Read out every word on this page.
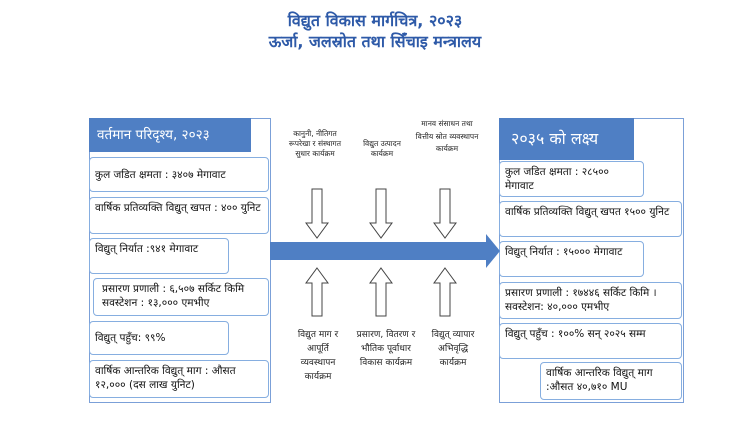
विद्युत विकास मार्गचित्र, २०२३
ऊर्जा, जलस्रोत तथा सिँचाइ मन्त्रालय
वर्तमान परिदृश्य, २०२३
कुल जडित क्षमता : ३४०७ मेगावाट
वार्षिक प्रतिव्यक्ति विद्युत् खपत : ४०० युनिट
विद्युत् निर्यात :९४१ मेगावाट
प्रसारण प्रणाली : ६,५०७ सर्किट किमि सवस्टेशन : १३,००० एमभीए
विद्युत् पहुँच: ९९%
वार्षिक आन्तरिक विद्युत् माग : औसत १२,००० (दस लाख युनिट)
२०३५ को लक्ष्य
कुल जडित क्षमता : २८५०० मेगावाट
वार्षिक प्रतिव्यक्ति विद्युत् खपत १५०० युनिट
विद्युत् निर्यात : १५००० मेगावाट
प्रसारण प्रणाली : १७४४६ सर्किट किमि । सवस्टेशन: ४०,००० एमभीए
विद्युत् पहुँच : १००% सन् २०२५ सम्म
वार्षिक आन्तरिक विद्युत् माग :औसत ४०,७१० MU
कानुनी, नीतिगत रूपरेखा र संस्थागत सुधार कार्यक्रम
विद्युत उत्पादन कार्यक्रम
मानव संसाधन तथा वित्तीय स्रोत व्यवस्थापन कार्यक्रम
विद्युत माग र आपूर्ति व्यवस्थापन कार्यक्रम
प्रसारण, वितरण र भौतिक पूर्वाधार विकास कार्यक्रम
विद्युत् व्यापार अभिवृद्धि कार्यक्रम
